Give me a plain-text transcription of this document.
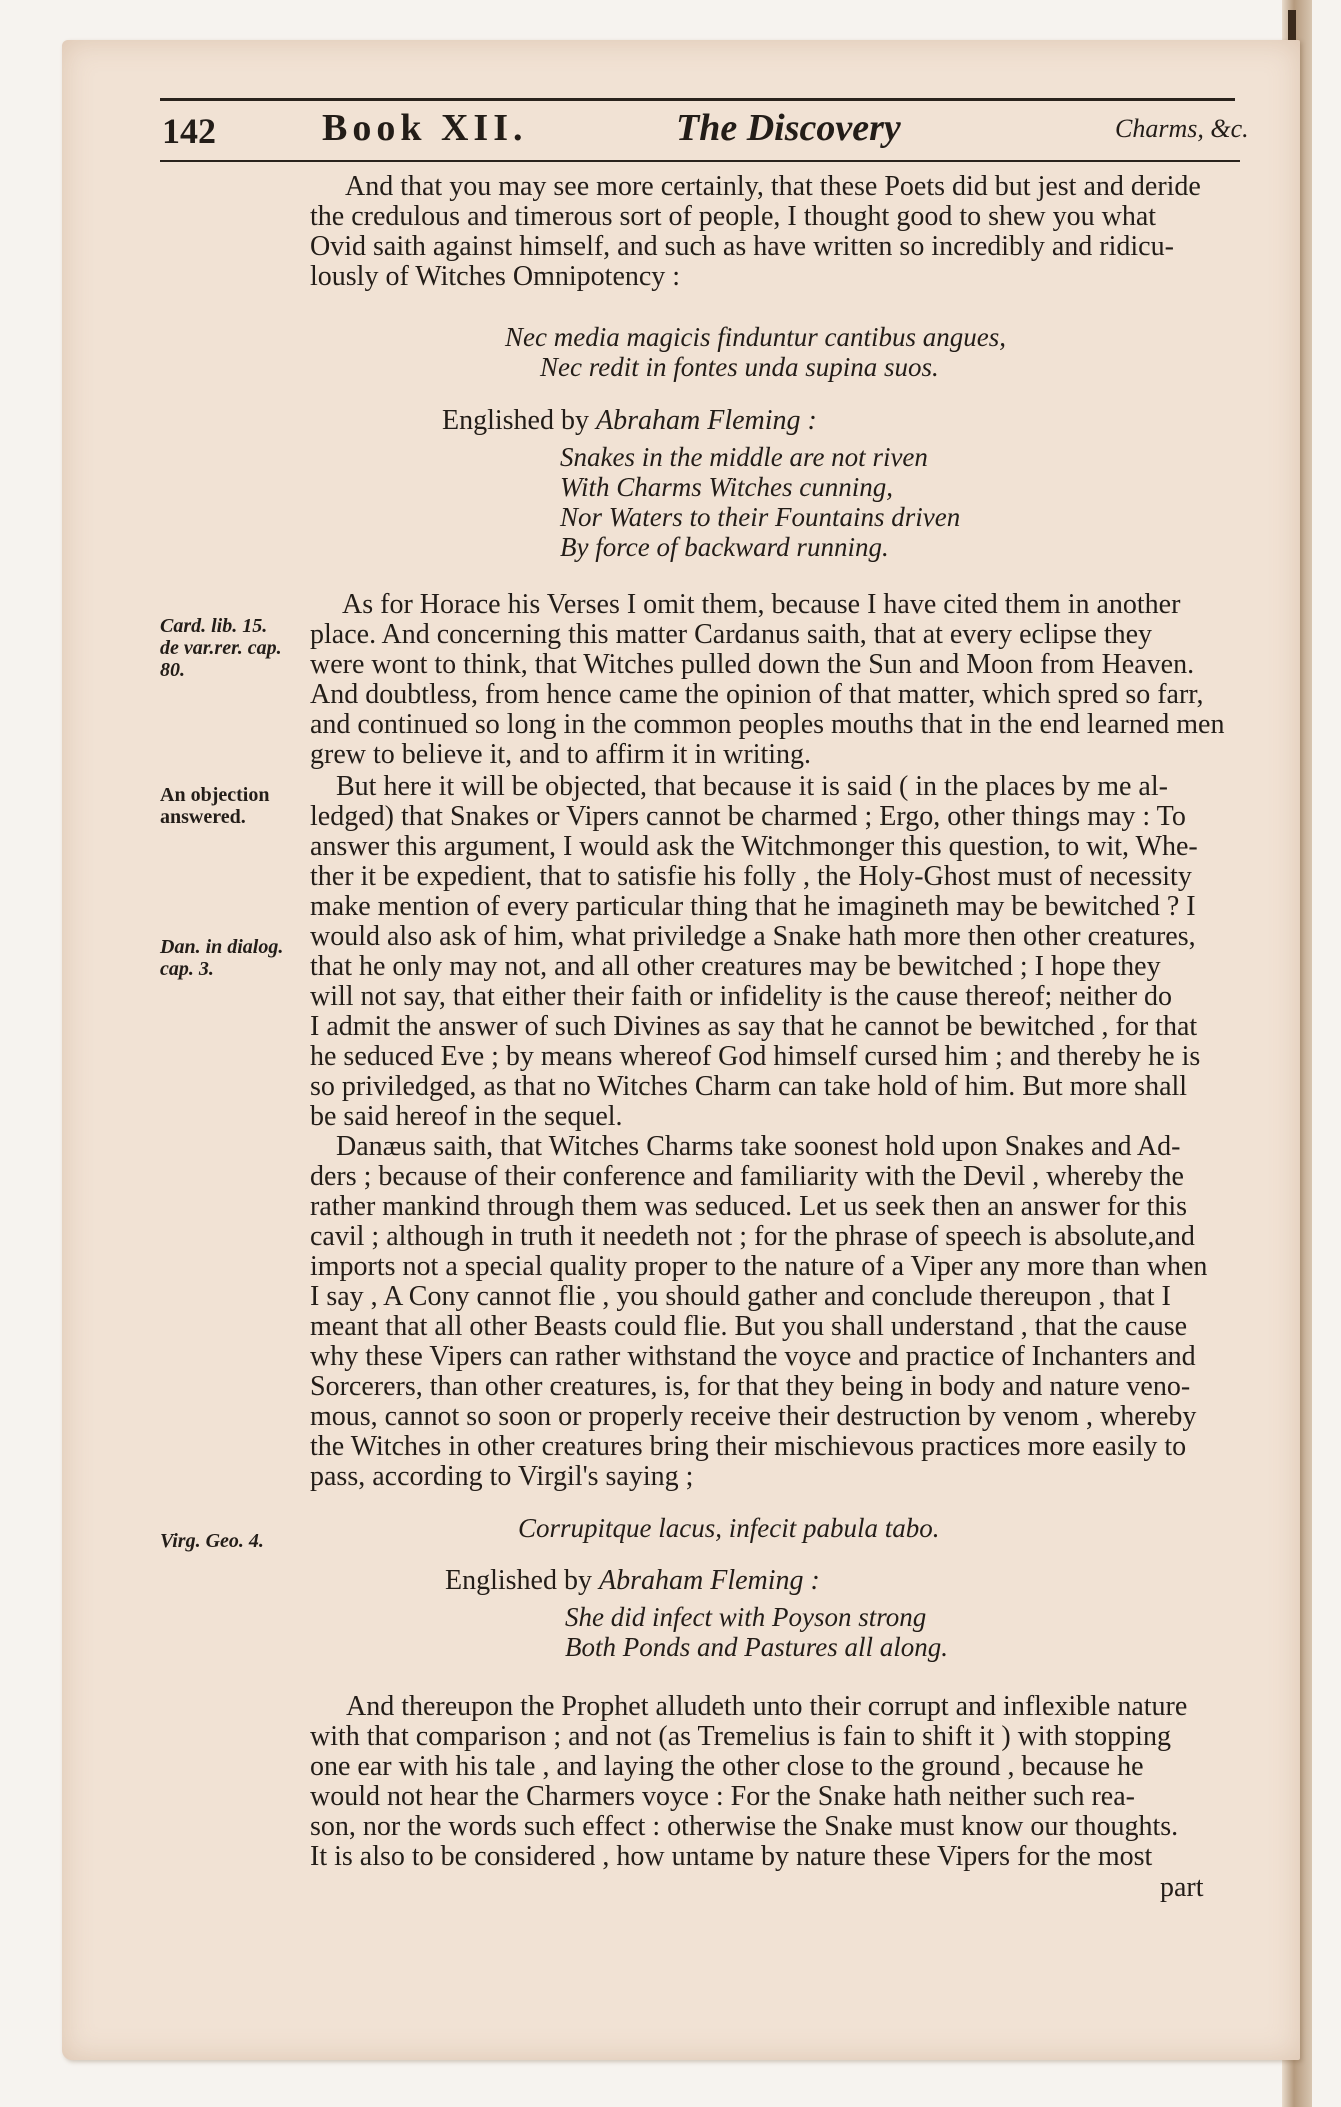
142	Book XII.	The Discovery	Charms, &c.

And that you may see more certainly, that these Poets did but jest and deride

the credulous and timerous sort of people, I thought good to shew you what

Ovid saith against himself, and such as have written so incredibly and ridicu-

lously of Witches Omnipotency :

Nec media magicis finduntur cantibus angues,
Nec redit in fontes unda supina suos.
Englished by Abraham Fleming :
Snakes in the middle are not riven
With Charms Witches cunning,
Nor Waters to their Fountains driven
By force of backward running.

As for Horace his Verses I omit them, because I have cited them in another

place. And concerning this matter Cardanus saith, that at every eclipse they

were wont to think, that Witches pulled down the Sun and Moon from Heaven.

And doubtless, from hence came the opinion of that matter, which spred so farr,

and continued so long in the common peoples mouths that in the end learned men

grew to believe it, and to affirm it in writing.

But here it will be objected, that because it is said ( in the places by me al-

ledged) that Snakes or Vipers cannot be charmed ; Ergo, other things may : To

answer this argument, I would ask the Witchmonger this question, to wit, Whe-

ther it be expedient, that to satisfie his folly , the Holy-Ghost must of necessity

make mention of every particular thing that he imagineth may be bewitched ? I

would also ask of him, what priviledge a Snake hath more then other creatures,

that he only may not, and all other creatures may be bewitched ; I hope they

will not say, that either their faith or infidelity is the cause thereof; neither do

I admit the answer of such Divines as say that he cannot be bewitched , for that

he seduced Eve ; by means whereof God himself cursed him ; and thereby he is

so priviledged, as that no Witches Charm can take hold of him. But more shall

be said hereof in the sequel.

Danæus saith, that Witches Charms take soonest hold upon Snakes and Ad-

ders ; because of their conference and familiarity with the Devil , whereby the

rather mankind through them was seduced. Let us seek then an answer for this

cavil ; although in truth it needeth not ; for the phrase of speech is absolute,and

imports not a special quality proper to the nature of a Viper any more than when

I say , A Cony cannot flie , you should gather and conclude thereupon , that I

meant that all other Beasts could flie. But you shall understand , that the cause

why these Vipers can rather withstand the voyce and practice of Inchanters and

Sorcerers, than other creatures, is, for that they being in body and nature veno-

mous, cannot so soon or properly receive their destruction by venom , whereby

the Witches in other creatures bring their mischievous practices more easily to

pass, according to Virgil's saying ;

Corrupitque lacus, infecit pabula tabo.
Englished by Abraham Fleming :
She did infect with Poyson strong
Both Ponds and Pastures all along.

And thereupon the Prophet alludeth unto their corrupt and inflexible nature

with that comparison ; and not (as Tremelius is fain to shift it ) with stopping

one ear with his tale , and laying the other close to the ground , because he

would not hear the Charmers voyce : For the Snake hath neither such rea-

son, nor the words such effect : otherwise the Snake must know our thoughts.

It is also to be considered , how untame by nature these Vipers for the most

part
Card. lib. 15.
de var.rer. cap.
80.
An objection
answered.
Dan. in dialog.
cap. 3.
Virg. Geo. 4.
